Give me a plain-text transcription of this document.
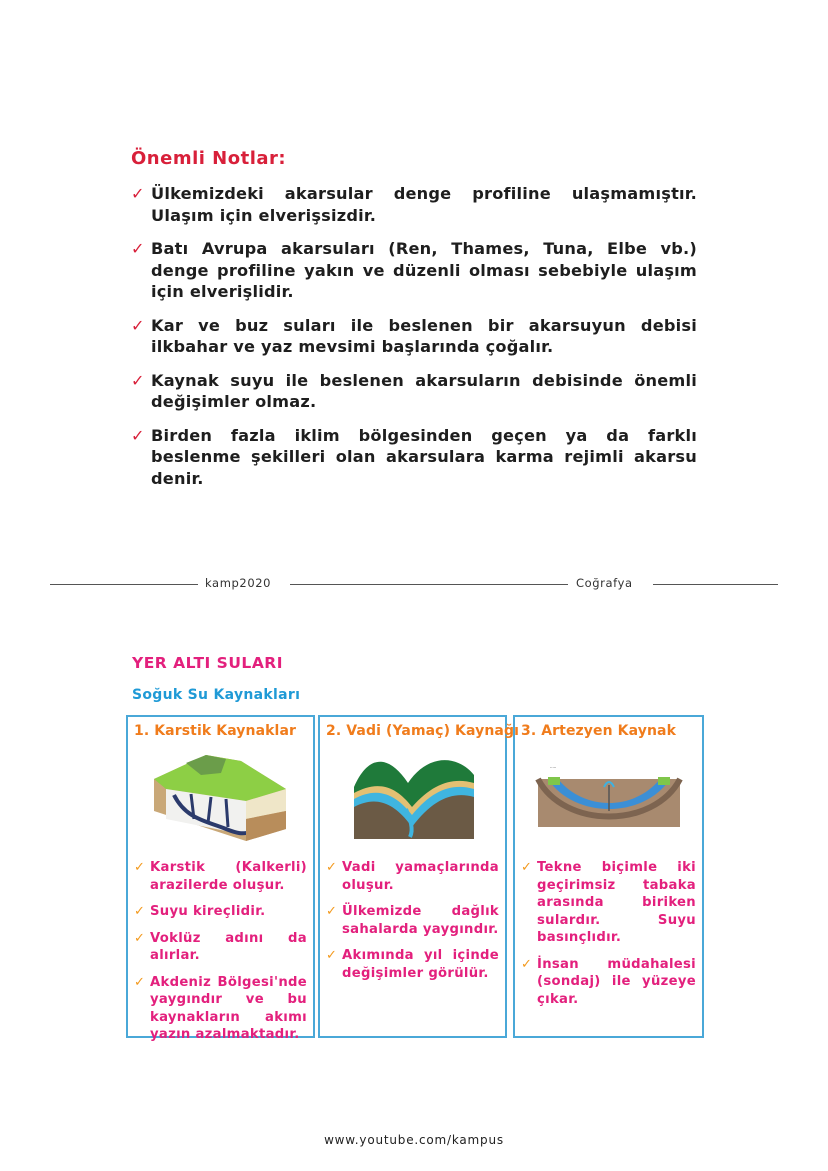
Önemli Notlar:
✓ Ülkemizdeki akarsular denge profiline ulaşmamıştır. Ulaşım için elverişsizdir.
✓ Batı Avrupa akarsuları (Ren, Thames, Tuna, Elbe vb.) denge profiline yakın ve düzenli olması sebebiyle ulaşım için elverişlidir.
✓ Kar ve buz suları ile beslenen bir akarsuyun debisi ilkbahar ve yaz mevsimi başlarında çoğalır.
✓ Kaynak suyu ile beslenen akarsuların debisinde önemli değişimler olmaz.
✓ Birden fazla iklim bölgesinden geçen ya da farklı beslenme şekilleri olan akarsulara karma rejimli akarsu denir.
kamp2020	Coğrafya
YER ALTI SULARI
Soğuk Su Kaynakları
1. Karstik Kaynaklar
✓ Karstik (Kalkerli) arazilerde oluşur.
✓ Suyu kireçlidir.
✓ Voklüz adını da alırlar.
✓ Akdeniz Bölgesi'nde yaygındır ve bu kaynakların akımı yazın azalmaktadır.
2. Vadi (Yamaç) Kaynağı
✓ Vadi yamaçlarında oluşur.
✓ Ülkemizde dağlık sahalarda yaygındır.
✓ Akımında yıl içinde değişimler görülür.
3. Artezyen Kaynak
·····
✓ Tekne biçimle iki geçirimsiz tabaka arasında biriken sulardır. Suyu basınçlıdır.
✓ İnsan müdahalesi (sondaj) ile yüzeye çıkar.
www.youtube.com/kampus
